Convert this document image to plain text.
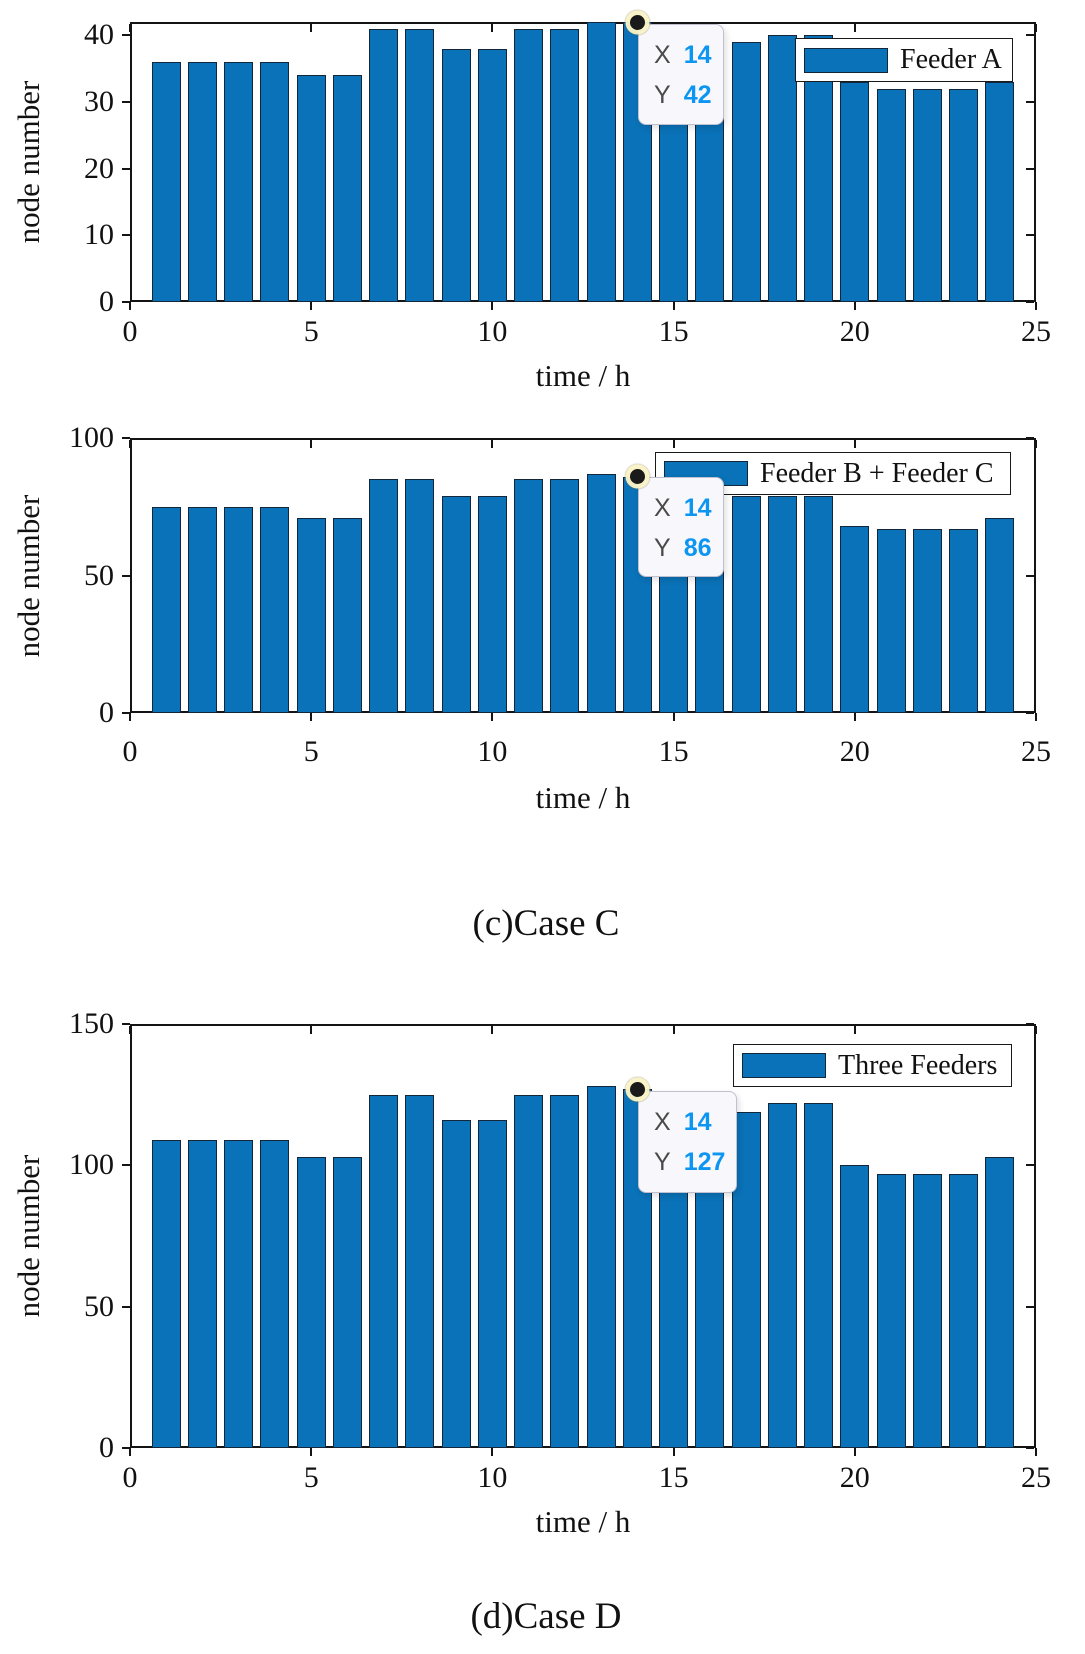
0	5	10	15	20	25
0
10
20
30
40
time / h
node number
Feeder A
X 14
Y 42
0	5	10	15	20	25
0
50
100
time / h
node number
Feeder B + Feeder C
X 14
Y 86
0	5	10	15	20	25
0
50
100
150
time / h
node number
Three Feeders
X 14
Y 127
(c)Case C
(d)Case D
